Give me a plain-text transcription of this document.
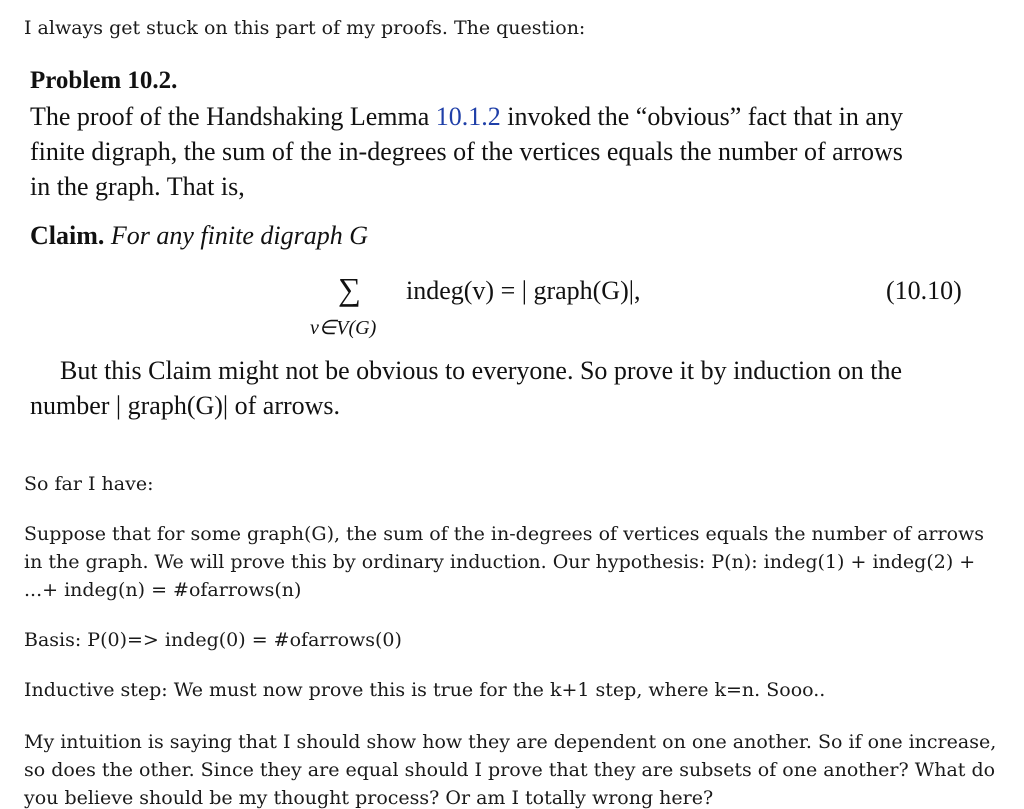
I always get stuck on this part of my proofs. The question:
Problem 10.2.
The proof of the Handshaking Lemma 10.1.2 invoked the “obvious” fact that in any
finite digraph, the sum of the in-degrees of the vertices equals the number of arrows
in the graph. That is,
Claim. For any finite digraph G
∑ indeg(v) = | graph(G)|,
v∈V(G)
(10.10)
But this Claim might not be obvious to everyone. So prove it by induction on the
number | graph(G)| of arrows.
So far I have:
Suppose that for some graph(G), the sum of the in-degrees of vertices equals the number of arrows
in the graph. We will prove this by ordinary induction. Our hypothesis: P(n): indeg(1) + indeg(2) +
...+ indeg(n) = #ofarrows(n)
Basis: P(0)=> indeg(0) = #ofarrows(0)
Inductive step: We must now prove this is true for the k+1 step, where k=n. Sooo..
My intuition is saying that I should show how they are dependent on one another. So if one increase,
so does the other. Since they are equal should I prove that they are subsets of one another? What do
you believe should be my thought process? Or am I totally wrong here?
